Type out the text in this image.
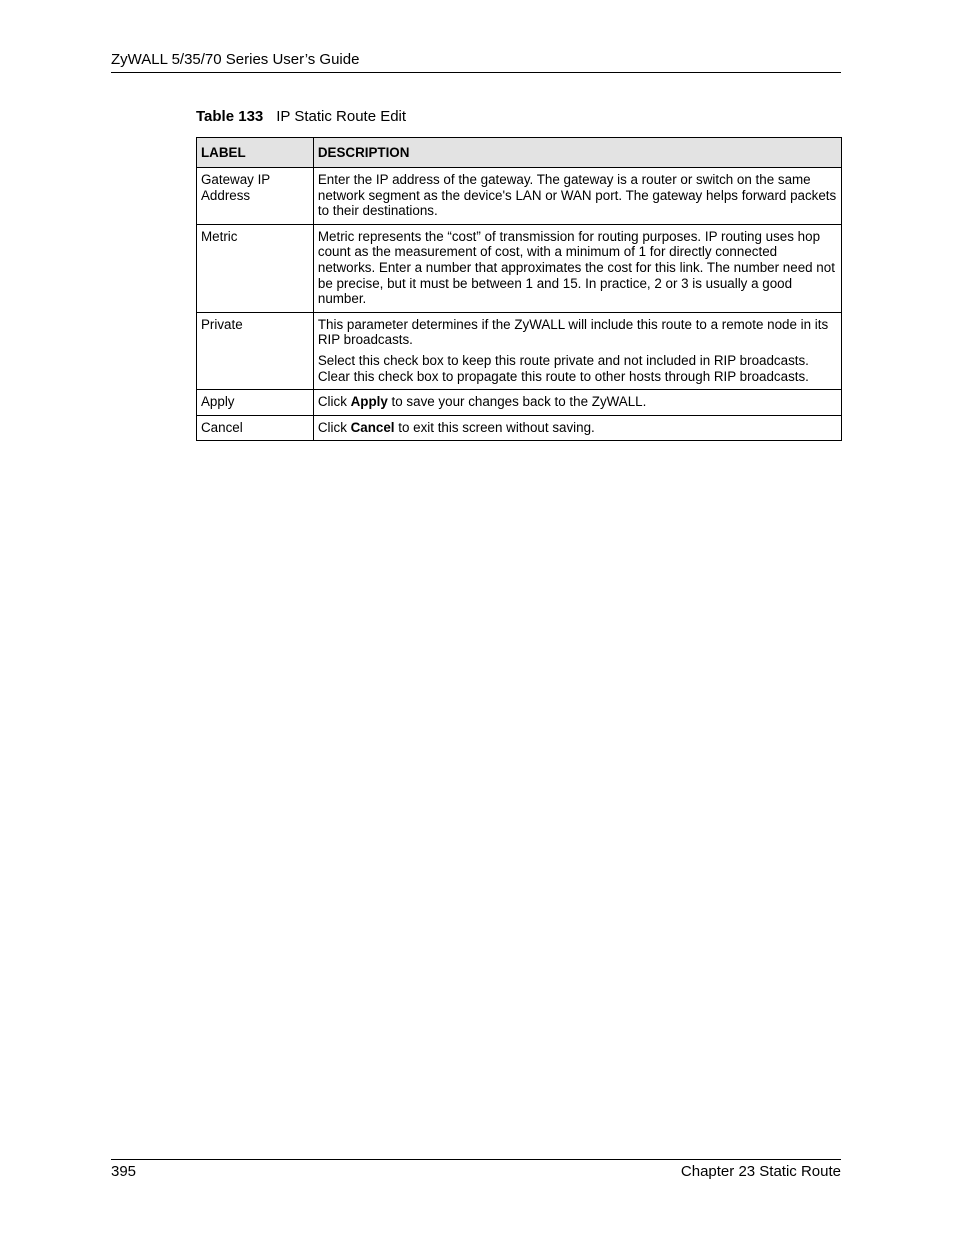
ZyWALL 5/35/70 Series User’s Guide
Table 133 IP Static Route Edit
LABEL	DESCRIPTION
Gateway IP Address	Enter the IP address of the gateway. The gateway is a router or switch on the same network segment as the device's LAN or WAN port. The gateway helps forward packets to their destinations.

Metric	Metric represents the “cost” of transmission for routing purposes. IP routing uses hop count as the measurement of cost, with a minimum of 1 for directly connected networks. Enter a number that approximates the cost for this link. The number need not be precise, but it must be between 1 and 15. In practice, 2 or 3 is usually a good number.

Private	This parameter determines if the ZyWALL will include this route to a remote node in its RIP broadcasts.

Select this check box to keep this route private and not included in RIP broadcasts. Clear this check box to propagate this route to other hosts through RIP broadcasts.

Apply	Click Apply to save your changes back to the ZyWALL.

Cancel	Click Cancel to exit this screen without saving.

395	Chapter 23 Static Route
